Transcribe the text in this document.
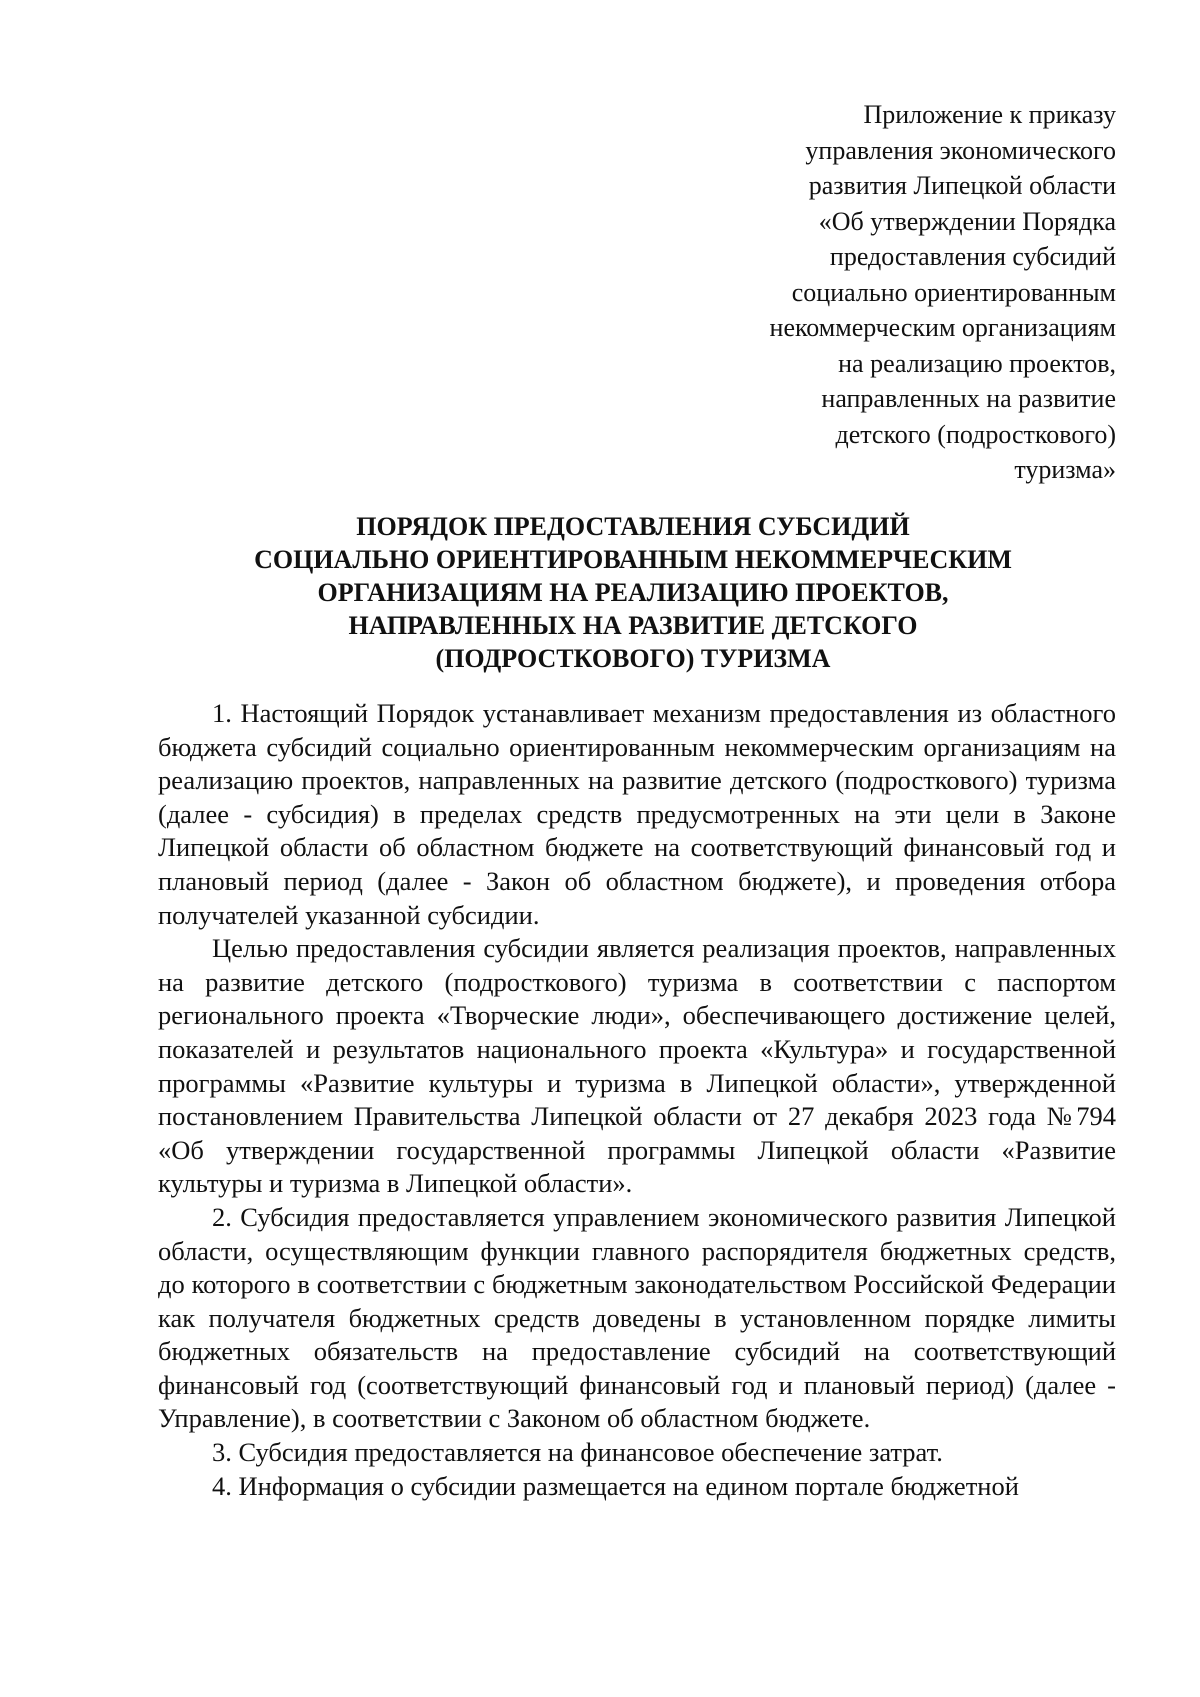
Приложение к приказу
управления экономического
развития Липецкой области
«Об утверждении Порядка
предоставления субсидий
социально ориентированным
некоммерческим организациям
на реализацию проектов,
направленных на развитие
детского (подросткового)
туризма»
ПОРЯДОК ПРЕДОСТАВЛЕНИЯ СУБСИДИЙ
СОЦИАЛЬНО ОРИЕНТИРОВАННЫМ НЕКОММЕРЧЕСКИМ
ОРГАНИЗАЦИЯМ НА РЕАЛИЗАЦИЮ ПРОЕКТОВ,
НАПРАВЛЕННЫХ НА РАЗВИТИЕ ДЕТСКОГО
(ПОДРОСТКОВОГО) ТУРИЗМА

1. Настоящий Порядок устанавливает механизм предоставления из областного бюджета субсидий социально ориентированным некоммерческим организациям на реализацию проектов, направленных на развитие детского (подросткового) туризма (далее - субсидия) в пределах средств предусмотренных на эти цели в Законе Липецкой области об областном бюджете на соответствующий финансовый год и плановый период (далее - Закон об областном бюджете), и проведения отбора получателей указанной субсидии.

Целью предоставления субсидии является реализация проектов, направленных на развитие детского (подросткового) туризма в соответствии с паспортом регионального проекта «Творческие люди», обеспечивающего достижение целей, показателей и результатов национального проекта «Культура» и государственной программы «Развитие культуры и туризма в Липецкой области», утвержденной постановлением Правительства Липецкой области от 27 декабря 2023 года №794 «Об утверждении государственной программы Липецкой области «Развитие культуры и туризма в Липецкой области».

2. Субсидия предоставляется управлением экономического развития Липецкой области, осуществляющим функции главного распорядителя бюджетных средств, до которого в соответствии с бюджетным законодательством Российской Федерации как получателя бюджетных средств доведены в установленном порядке лимиты бюджетных обязательств на предоставление субсидий на соответствующий финансовый год (соответствующий финансовый год и плановый период) (далее - Управление), в соответствии с Законом об областном бюджете.

3. Субсидия предоставляется на финансовое обеспечение затрат.

4. Информация о субсидии размещается на едином портале бюджетной
